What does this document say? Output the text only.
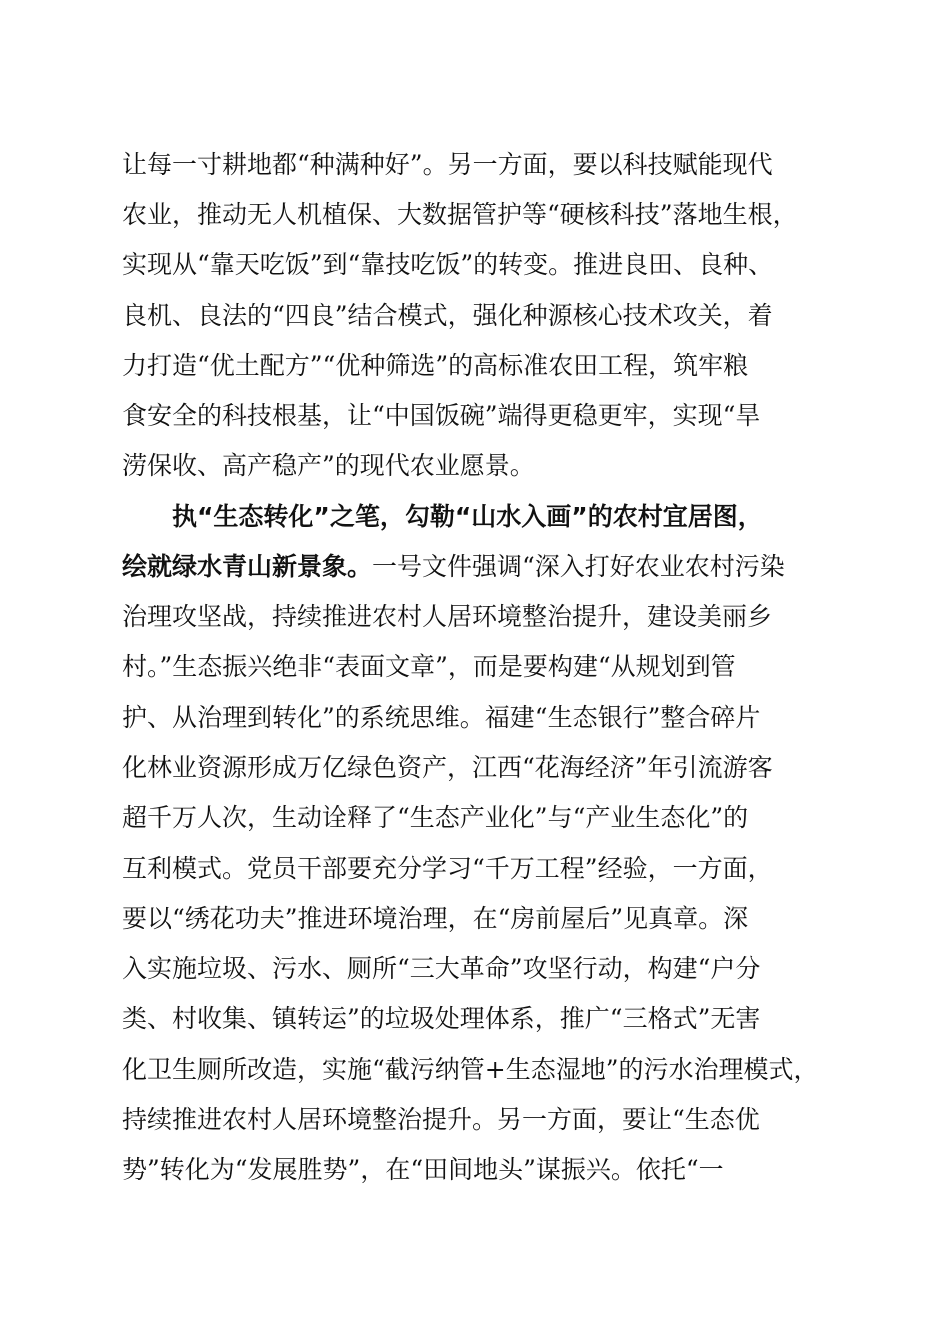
让每一寸耕地都“种满种好”。另一方面，要以科技赋能现代
农业，推动无人机植保、大数据管护等“硬核科技”落地生根，
实现从“靠天吃饭”到“靠技吃饭”的转变。推进良田、良种、
良机、良法的“四良”结合模式，强化种源核心技术攻关，着
力打造“优土配方”“优种筛选”的高标准农田工程，筑牢粮
食安全的科技根基，让“中国饭碗”端得更稳更牢，实现“旱
涝保收、高产稳产”的现代农业愿景。
执“生态转化”之笔，勾勒“山水入画”的农村宜居图，
绘就绿水青山新景象。一号文件强调“深入打好农业农村污染
治理攻坚战，持续推进农村人居环境整治提升，建设美丽乡
村。”生态振兴绝非“表面文章”，而是要构建“从规划到管
护、从治理到转化”的系统思维。福建“生态银行”整合碎片
化林业资源形成万亿绿色资产，江西“花海经济”年引流游客
超千万人次，生动诠释了“生态产业化”与“产业生态化”的
互利模式。党员干部要充分学习“千万工程”经验，一方面，
要以“绣花功夫”推进环境治理，在“房前屋后”见真章。深
入实施垃圾、污水、厕所“三大革命”攻坚行动，构建“户分
类、村收集、镇转运”的垃圾处理体系，推广“三格式”无害
化卫生厕所改造，实施“截污纳管+生态湿地”的污水治理模式，
持续推进农村人居环境整治提升。另一方面，要让“生态优
势”转化为“发展胜势”，在“田间地头”谋振兴。依托“一
